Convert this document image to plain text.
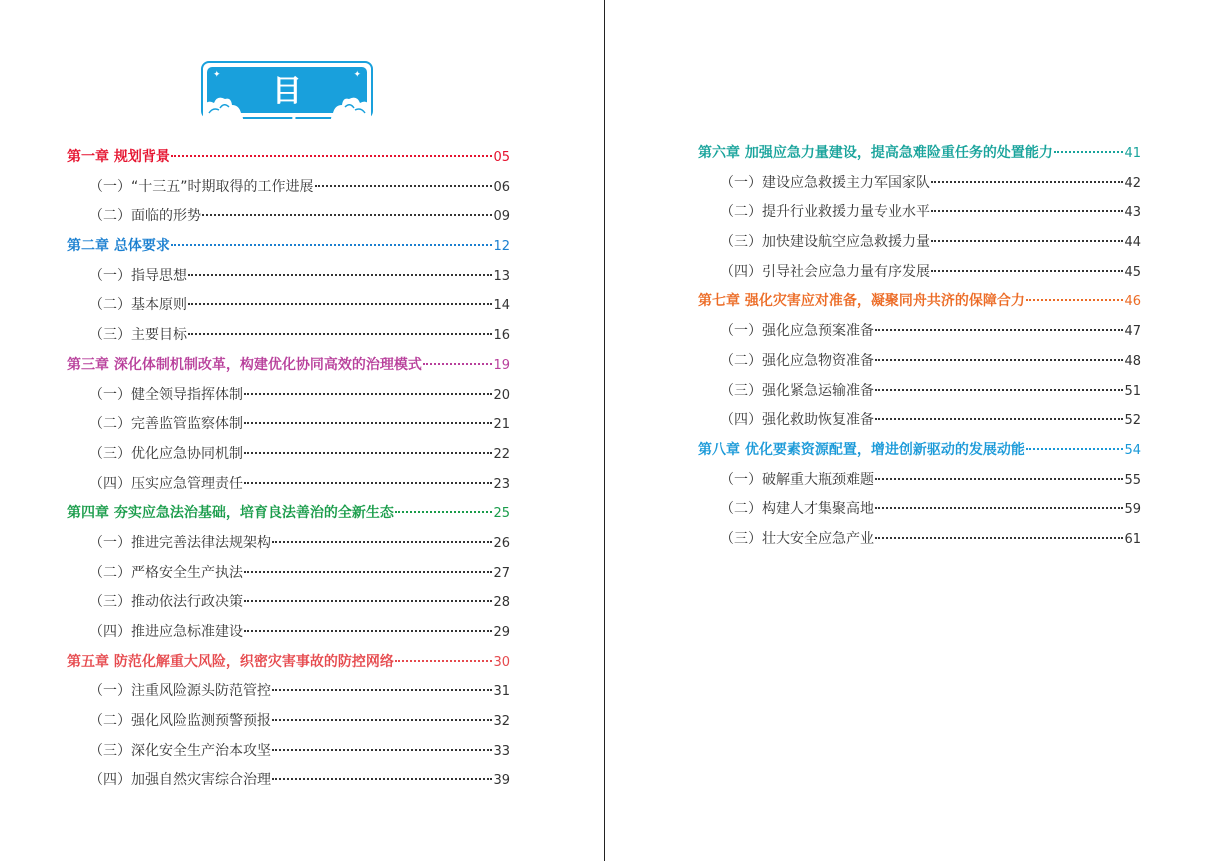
✦	✦
✦	✦
目 录
第一章 规划背景	05
（一）“十三五”时期取得的工作进展	06
（二）面临的形势	09
第二章 总体要求	12
（一）指导思想	13
（二）基本原则	14
（三）主要目标	16
第三章 深化体制机制改革，构建优化协同高效的治理模式	19
（一）健全领导指挥体制	20
（二）完善监管监察体制	21
（三）优化应急协同机制	22
（四）压实应急管理责任	23
第四章 夯实应急法治基础，培育良法善治的全新生态	25
（一）推进完善法律法规架构	26
（二）严格安全生产执法	27
（三）推动依法行政决策	28
（四）推进应急标准建设	29
第五章 防范化解重大风险，织密灾害事故的防控网络	30
（一）注重风险源头防范管控	31
（二）强化风险监测预警预报	32
（三）深化安全生产治本攻坚	33
（四）加强自然灾害综合治理	39
第六章 加强应急力量建设，提高急难险重任务的处置能力	41
（一）建设应急救援主力军国家队	42
（二）提升行业救援力量专业水平	43
（三）加快建设航空应急救援力量	44
（四）引导社会应急力量有序发展	45
第七章 强化灾害应对准备，凝聚同舟共济的保障合力	46
（一）强化应急预案准备	47
（二）强化应急物资准备	48
（三）强化紧急运输准备	51
（四）强化救助恢复准备	52
第八章 优化要素资源配置，增进创新驱动的发展动能	54
（一）破解重大瓶颈难题	55
（二）构建人才集聚高地	59
（三）壮大安全应急产业	61
